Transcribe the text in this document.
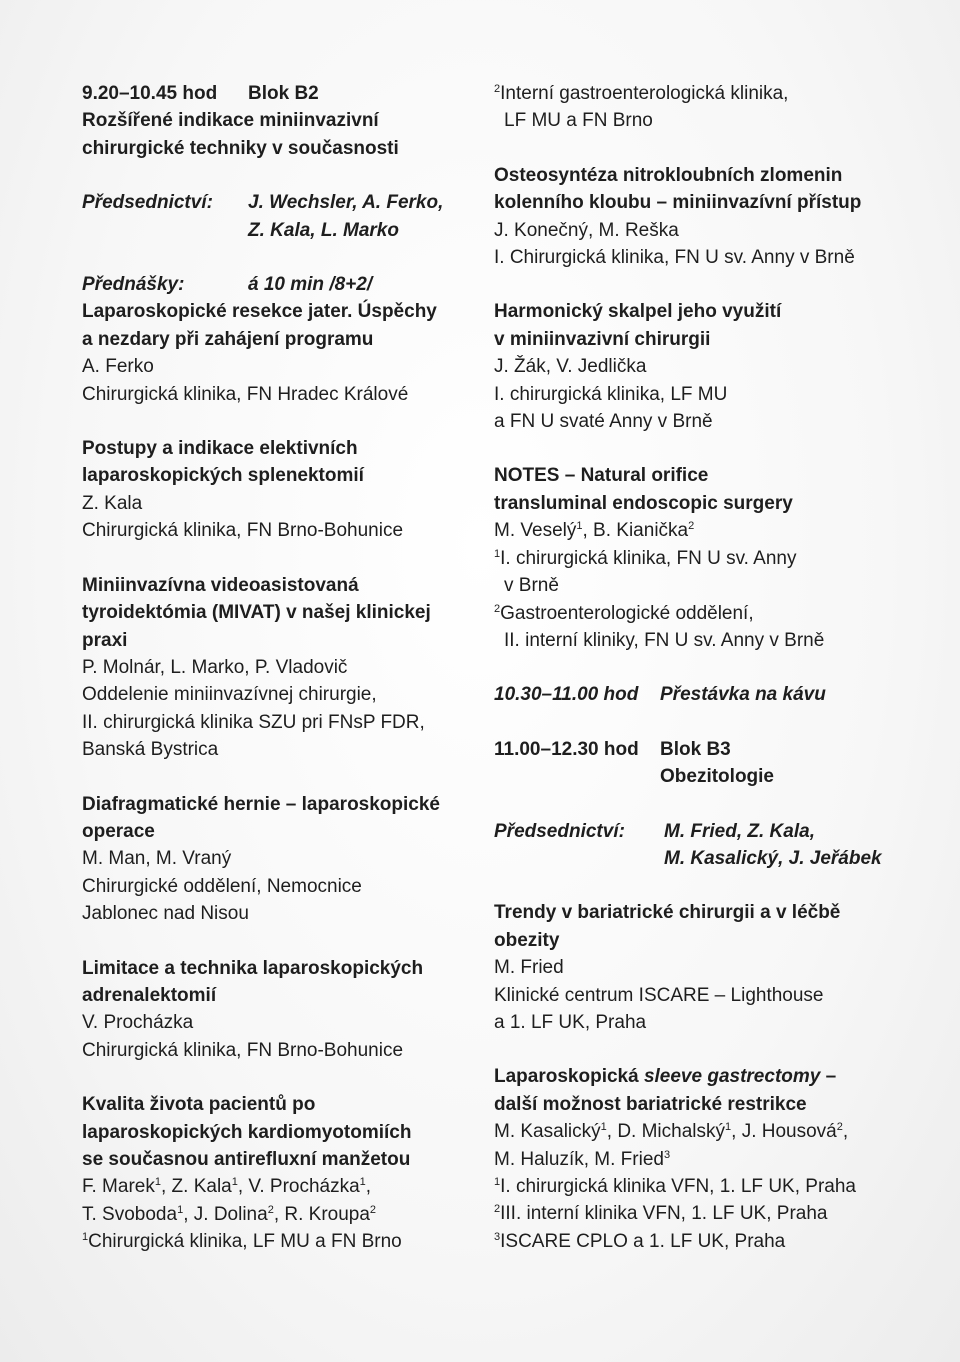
9.20–10.45 hod	Blok B2
Rozšířené indikace miniinvazivní
chirurgické techniky v současnosti
Předsednictví:	J. Wechsler, A. Ferko,
Z. Kala, L. Marko
Přednášky:	á 10 min /8+2/
Laparoskopické resekce jater. Úspěchy
a nezdary při zahájení programu
A. Ferko
Chirurgická klinika, FN Hradec Králové
Postupy a indikace elektivních
laparoskopických splenektomií
Z. Kala
Chirurgická klinika, FN Brno-Bohunice
Miniinvazívna videoasistovaná
tyroidektómia (MIVAT) v našej klinickej
praxi
P. Molnár, L. Marko, P. Vladovič
Oddelenie miniinvazívnej chirurgie,
II. chirurgická klinika SZU pri FNsP FDR,
Banská Bystrica
Diafragmatické hernie – laparoskopické
operace
M. Man, M. Vraný
Chirurgické oddělení, Nemocnice
Jablonec nad Nisou
Limitace a technika laparoskopických
adrenalektomií
V. Procházka
Chirurgická klinika, FN Brno-Bohunice
Kvalita života pacientů po
laparoskopických kardiomyotomiích
se současnou antirefluxní manžetou
F. Marek$^1$, Z. Kala$^1$, V. Procházka$^1$,
T. Svoboda$^1$, J. Dolina$^2$, R. Kroupa$^2$
$^1$Chirurgická klinika, LF MU a FN Brno
$^2$Interní gastroenterologická klinika,
LF MU a FN Brno
Osteosyntéza nitrokloubních zlomenin
kolenního kloubu – miniinvazívní přístup
J. Konečný, M. Reška
I. Chirurgická klinika, FN U sv. Anny v Brně
Harmonický skalpel jeho využití
v miniinvazivní chirurgii
J. Žák, V. Jedlička
I. chirurgická klinika, LF MU
a FN U svaté Anny v Brně
NOTES – Natural orifice
transluminal endoscopic surgery
M. Veselý$^1$, B. Kianička$^2$
$^1$I. chirurgická klinika, FN U sv. Anny
v Brně
$^2$Gastroenterologické oddělení,
II. interní kliniky, FN U sv. Anny v Brně
10.30–11.00 hod	Přestávka na kávu
11.00–12.30 hod	Blok B3
Obezitologie
Předsednictví:	M. Fried, Z. Kala,
M. Kasalický, J. Jeřábek
Trendy v bariatrické chirurgii a v léčbě
obezity
M. Fried
Klinické centrum ISCARE – Lighthouse
a 1. LF UK, Praha
Laparoskopická sleeve gastrectomy –
další možnost bariatrické restrikce
M. Kasalický$^1$, D. Michalský$^1$, J. Housová$^2$,
M. Haluzík, M. Fried$^3$
$^1$I. chirurgická klinika VFN, 1. LF UK, Praha
$^2$III. interní klinika VFN, 1. LF UK, Praha
$^3$ISCARE CPLO a 1. LF UK, Praha
